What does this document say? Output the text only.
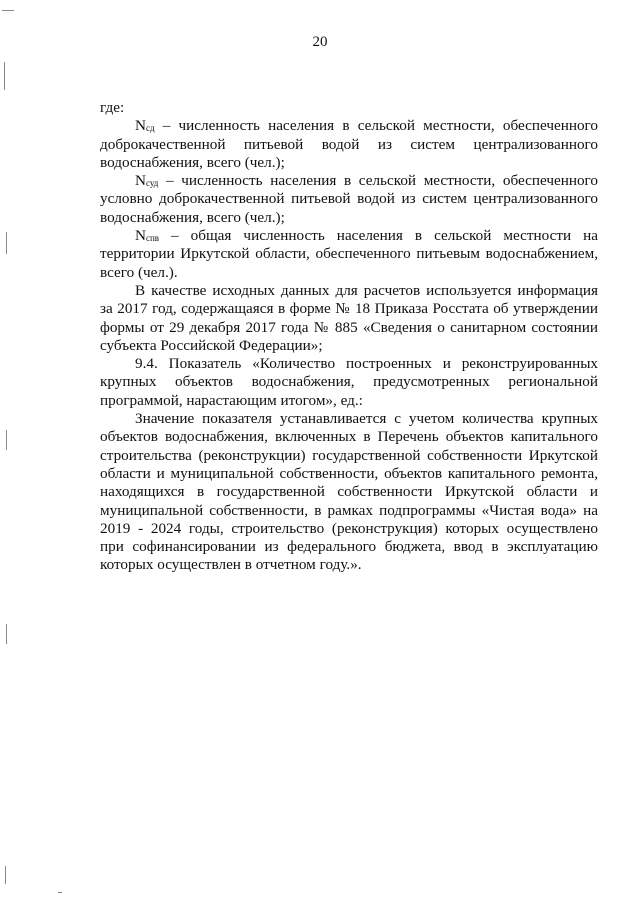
20

где:

$N_{сд}$ – численность населения в сельской местности, обеспеченного доброкачественной питьевой водой из систем централизованного водоснабжения, всего (чел.);

$N_{суд}$ – численность населения в сельской местности, обеспеченного условно доброкачественной питьевой водой из систем централизованного водоснабжения, всего (чел.);

$N_{спв}$ – общая численность населения в сельской местности на территории Иркутской области, обеспеченного питьевым водоснабжением, всего (чел.).

В качестве исходных данных для расчетов используется информация за 2017 год, содержащаяся в форме № 18 Приказа Росстата об утверждении формы от 29 декабря 2017 года № 885 «Сведения о санитарном состоянии субъекта Российской Федерации»;

9.4. Показатель «Количество построенных и реконструированных крупных объектов водоснабжения, предусмотренных региональной программой, нарастающим итогом», ед.:

Значение показателя устанавливается с учетом количества крупных объектов водоснабжения, включенных в Перечень объектов капитального строительства (реконструкции) государственной собственности Иркутской области и муниципальной собственности, объектов капитального ремонта, находящихся в государственной собственности Иркутской области и муниципальной собственности, в рамках подпрограммы «Чистая вода» на 2019 - 2024 годы, строительство (реконструкция) которых осуществлено при софинансировании из федерального бюджета, ввод в эксплуатацию которых осуществлен в отчетном году.».
